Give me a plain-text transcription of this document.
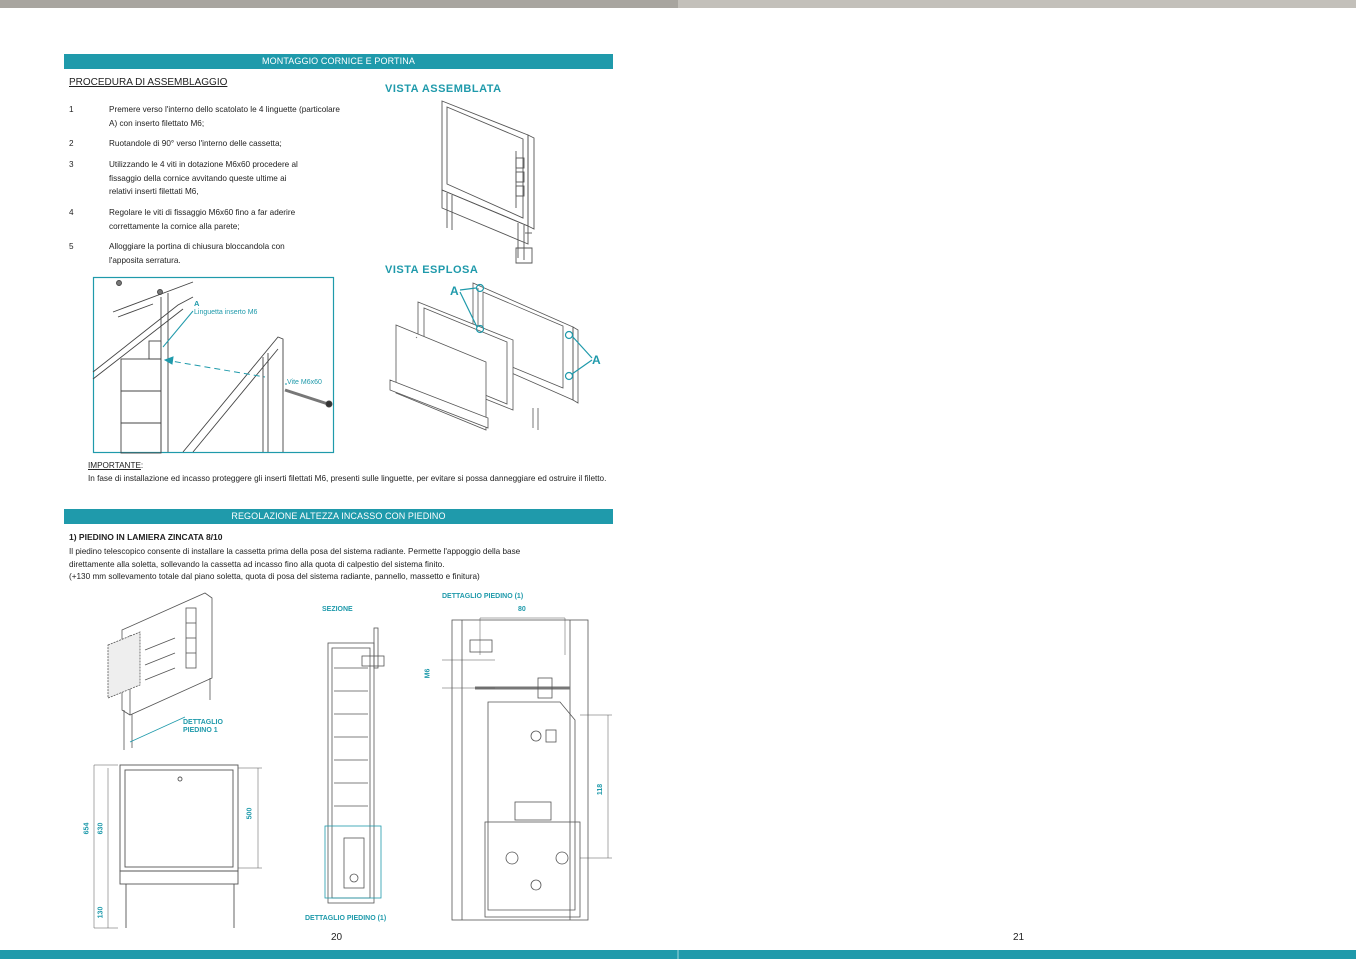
MONTAGGIO CORNICE E PORTINA
PROCEDURA DI ASSEMBLAGGIO
1	Premere verso l'interno dello scatolato le 4 linguette (particolare A) con inserto filettato M6;
2	Ruotandole di 90° verso l'interno delle cassetta;
3	Utilizzando le 4 viti in dotazione M6x60 procedere al fissaggio della cornice avvitando queste ultime ai relativi inserti filettati M6,
4	Regolare le viti di fissaggio M6x60 fino a far aderire correttamente la cornice alla parete;
5	Alloggiare la portina di chiusura bloccandola con l'apposita serratura.
VISTA ASSEMBLATA
VISTA ESPLOSA
A
A
A
Linguetta inserto M6
Vite M6x60
IMPORTANTE:
In fase di installazione ed incasso proteggere gli inserti filettati M6, presenti sulle linguette, per evitare si possa danneggiare ed ostruire il filetto.
REGOLAZIONE ALTEZZA INCASSO CON PIEDINO
1) PIEDINO IN LAMIERA ZINCATA 8/10
Il piedino telescopico consente di installare la cassetta prima della posa del sistema radiante. Permette l'appoggio della base
direttamente alla soletta, sollevando la cassetta ad incasso fino alla quota di calpestio del sistema finito.
(+130 mm sollevamento totale dal piano soletta, quota di posa del sistema radiante, pannello, massetto e finitura)
DETTAGLIO
PIEDINO 1
654 630
500
130
SEZIONE
DETTAGLIO PIEDINO (1)
DETTAGLIO PIEDINO (1)
80
M6
118
20	21
